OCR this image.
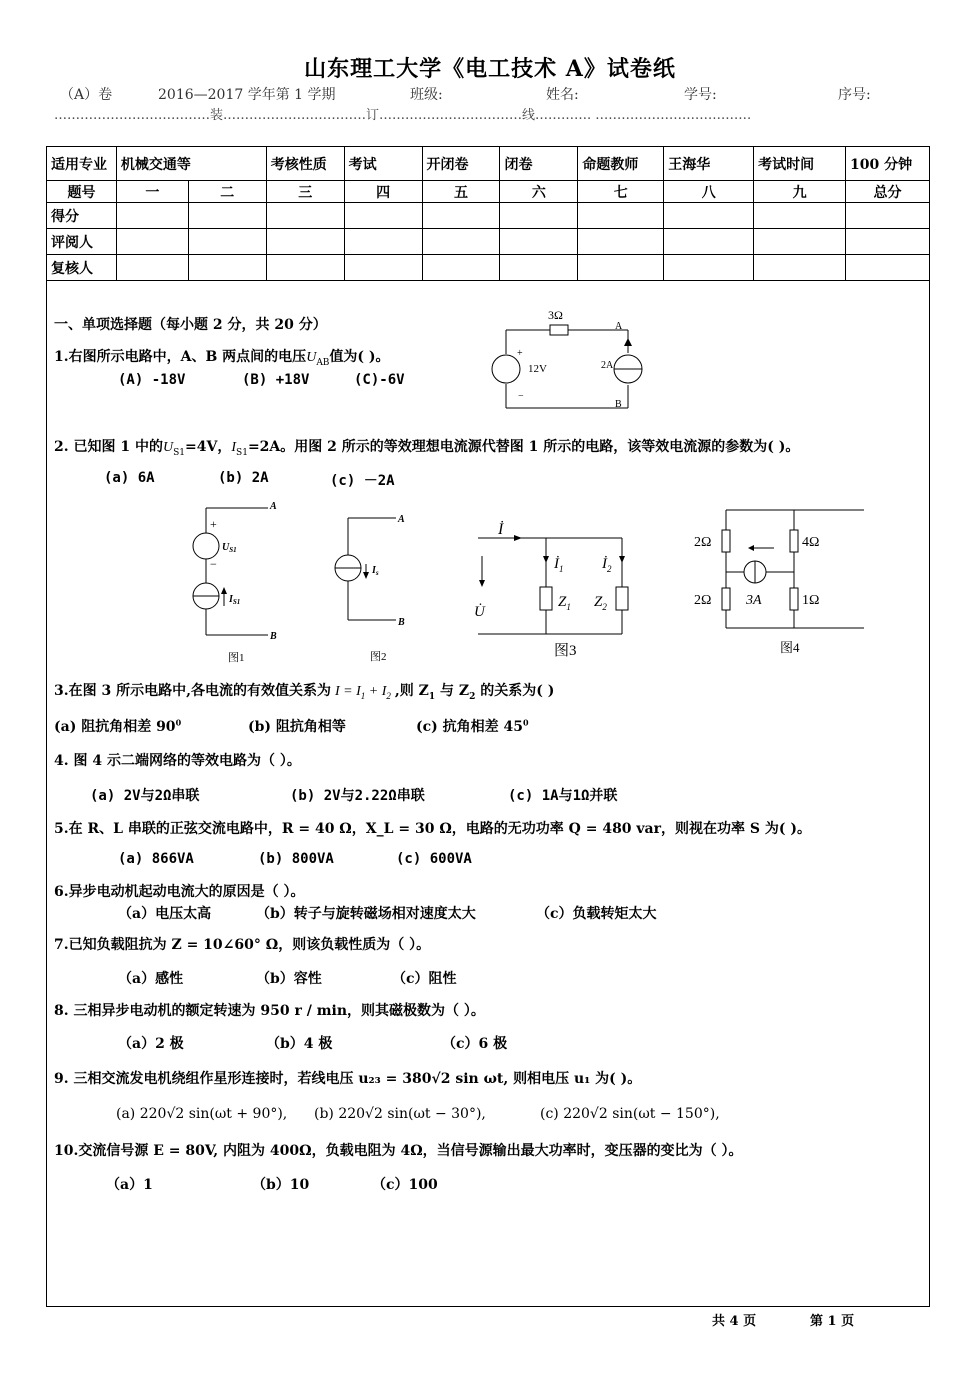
山东理工大学《电工技术 A》试卷纸
（A）卷	2016—2017 学年第 1 学期	班级:	姓名:	学号:	序号:
………………………………装……………………………订……………………………线…………. ………………………………
适用专业	机械交通等		考核性质	考试	开闭卷	闭卷	命题教师	王海华	考试时间	100 分钟
题号	一	二	三	四	五	六	七	八	九	总分
得分										
评阅人										
复核人										
一、单项选择题（每小题 2 分，共 20 分）
1.右图所示电路中，A、B 两点间的电压$U_{AB}$值为( )。
(A) -18V	(B) +18V	(C)-6V
3Ω
A
B
12V	2A
+
−
2. 已知图 1 中的$U_{S1}=4V$，$I_{S1}=2A$。用图 2 所示的等效理想电流源代替图 1 所示的电路，该等效电流源的参数为( )。
(a) 6A	(b) 2A	(c) －2A
A
B
+
−
$U_{S1}$
$I_{S1}$
图1
A
B
$I_s$
图2
İ
$İ_1$	$İ_2$
U̇
$Z_1$ $Z_2$
图3
2Ω	4Ω
2Ω	1Ω
3A
图4
3.在图 3 所示电路中,各电流的有效值关系为 $I = I_1 + I_2$ ,则 $Z_1$ 与 $Z_2$ 的关系为( )
(a) 阻抗角相差 $90^0$	(b) 阻抗角相等	(c) 抗角相差 $45^0$
4. 图 4 示二端网络的等效电路为（ ）。
(a) 2V与2Ω串联	(b) 2V与2.22Ω串联	(c) 1A与1Ω并联
5.在 R、L 串联的正弦交流电路中，R = 40 Ω，X_L = 30 Ω，电路的无功功率 Q = 480 var，则视在功率 S 为( )。
(a) 866VA	(b) 800VA	(c) 600VA
6.异步电动机起动电流大的原因是（ ）。
（a）电压太高	（b）转子与旋转磁场相对速度太大	（c）负载转矩太大
7.已知负载阻抗为 Z = 10∠60° Ω，则该负载性质为（ ）。
（a）感性	（b）容性	（c）阻性
8. 三相异步电动机的额定转速为 950 r / min，则其磁极数为（ ）。
（a）2 极	（b）4 极	（c）6 极
9. 三相交流发电机绕组作星形连接时，若线电压 u₂₃ = 380√2 sin ωt, 则相电压 u₁ 为( )。
(a) 220√2 sin(ωt + 90°), (b) 220√2 sin(ωt − 30°),	(c) 220√2 sin(ωt − 150°),
10.交流信号源 E = 80V, 内阻为 400Ω，负载电阻为 4Ω，当信号源输出最大功率时，变压器的变比为（ ）。
（a）1	（b）10	（c）100
共 4 页	第 1 页
